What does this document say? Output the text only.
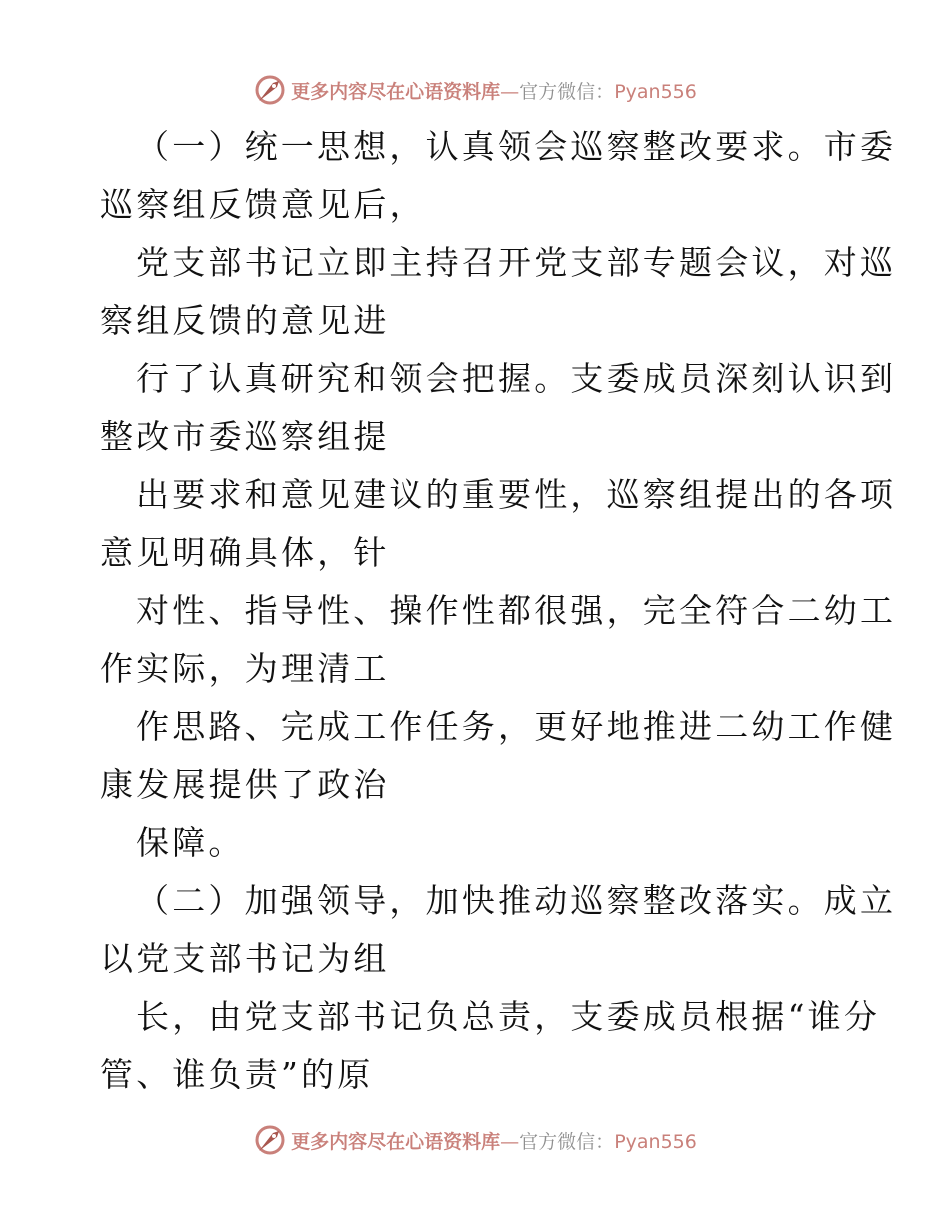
更多内容尽在心语资料库—官方微信：Pyan556

（一）统一思想，认真领会巡察整改要求。市委

巡察组反馈意见后，

党支部书记立即主持召开党支部专题会议，对巡

察组反馈的意见进

行了认真研究和领会把握。支委成员深刻认识到

整改市委巡察组提

出要求和意见建议的重要性，巡察组提出的各项

意见明确具体，针

对性、指导性、操作性都很强，完全符合二幼工

作实际，为理清工

作思路、完成工作任务，更好地推进二幼工作健

康发展提供了政治

保障。

（二）加强领导，加快推动巡察整改落实。成立

以党支部书记为组

长，由党支部书记负总责，支委成员根据“谁分

管、谁负责”的原

更多内容尽在心语资料库—官方微信：Pyan556
